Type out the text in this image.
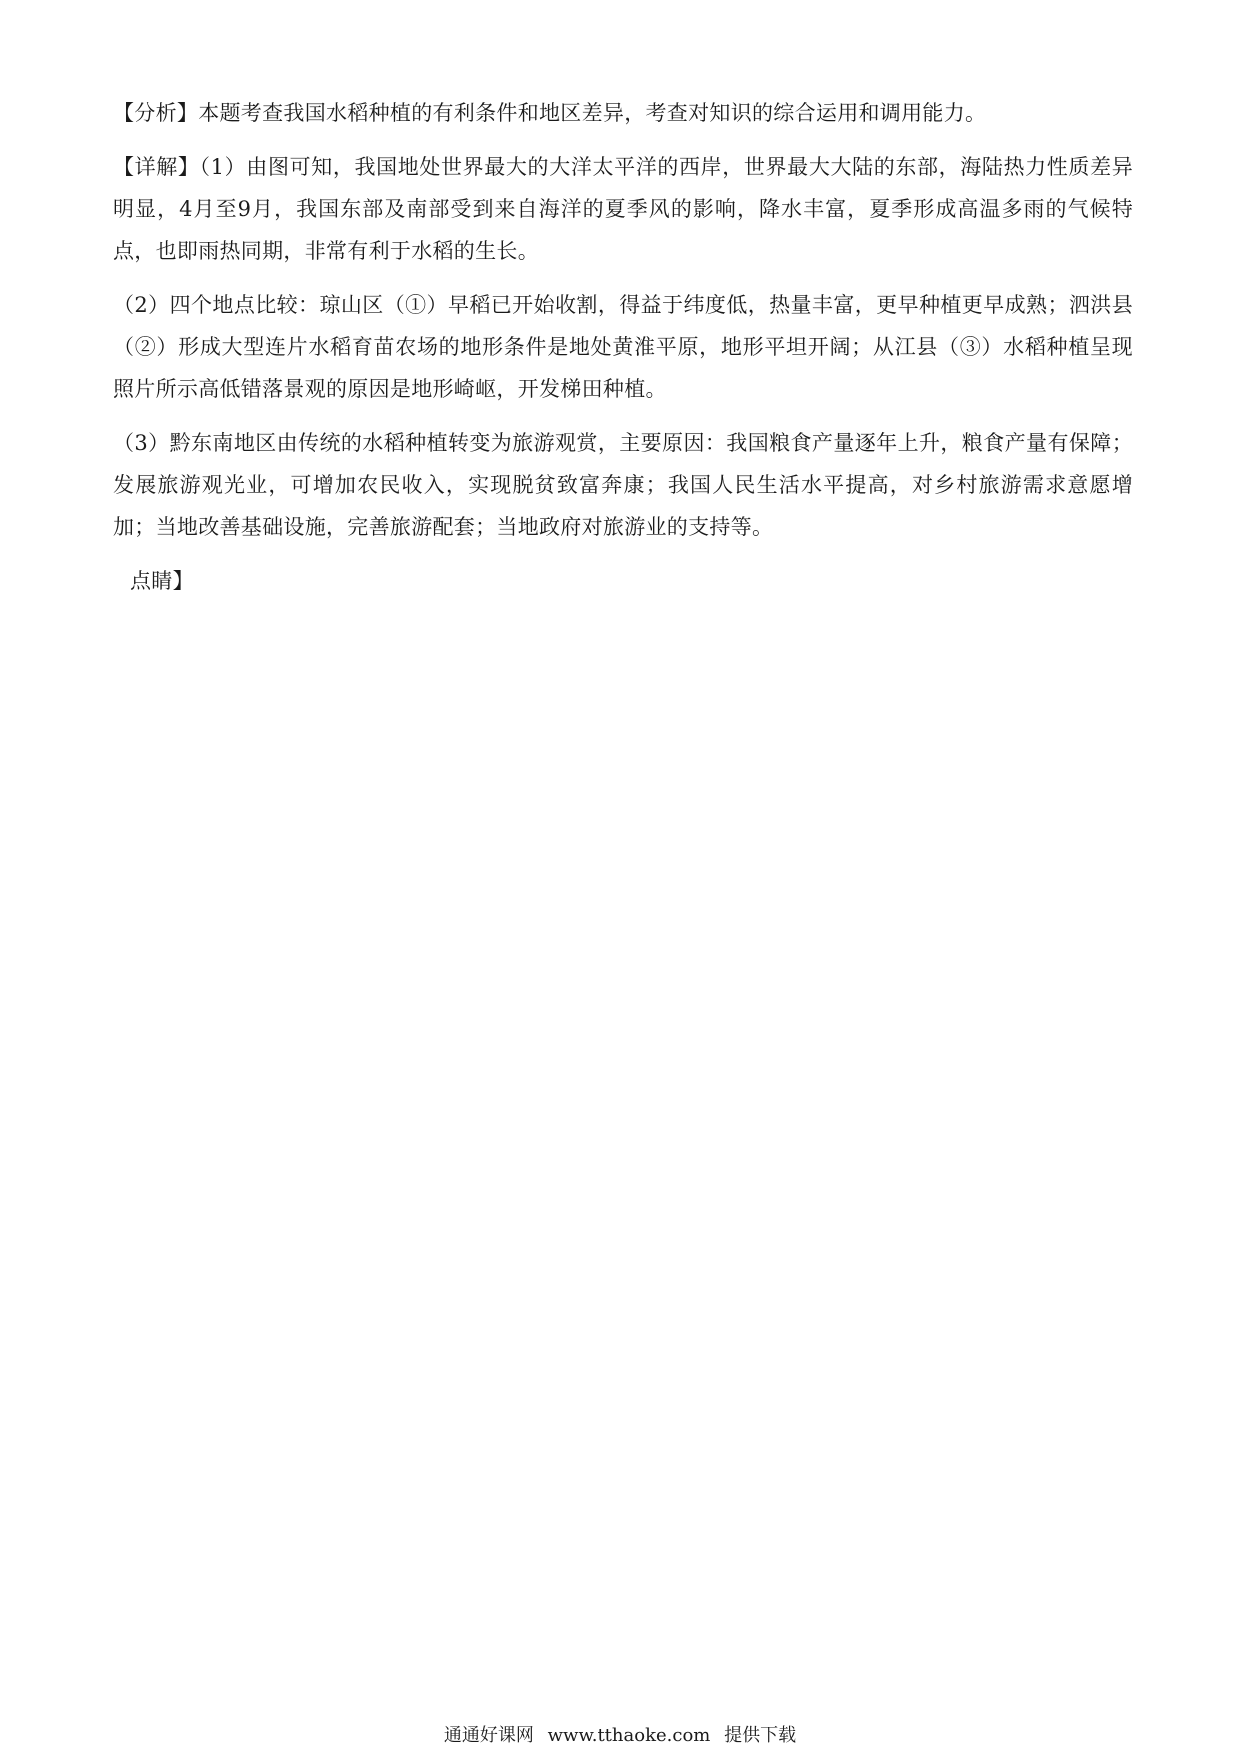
【分析】本题考查我国水稻种植的有利条件和地区差异，考查对知识的综合运用和调用能力。

【详解】（1）由图可知，我国地处世界最大的大洋太平洋的西岸，世界最大大陆的东部，海陆热力性质差异明显，4月至9月，我国东部及南部受到来自海洋的夏季风的影响，降水丰富，夏季形成高温多雨的气候特点，也即雨热同期，非常有利于水稻的生长。

（2）四个地点比较：琼山区（①）早稻已开始收割，得益于纬度低，热量丰富，更早种植更早成熟；泗洪县（②）形成大型连片水稻育苗农场的地形条件是地处黄淮平原，地形平坦开阔；从江县（③）水稻种植呈现照片所示高低错落景观的原因是地形崎岖，开发梯田种植。

（3）黔东南地区由传统的水稻种植转变为旅游观赏，主要原因：我国粮食产量逐年上升，粮食产量有保障；发展旅游观光业，可增加农民收入，实现脱贫致富奔康；我国人民生活水平提高，对乡村旅游需求意愿增加；当地改善基础设施，完善旅游配套；当地政府对旅游业的支持等。

点睛】

通通好课网 www.tthaoke.com 提供下载
